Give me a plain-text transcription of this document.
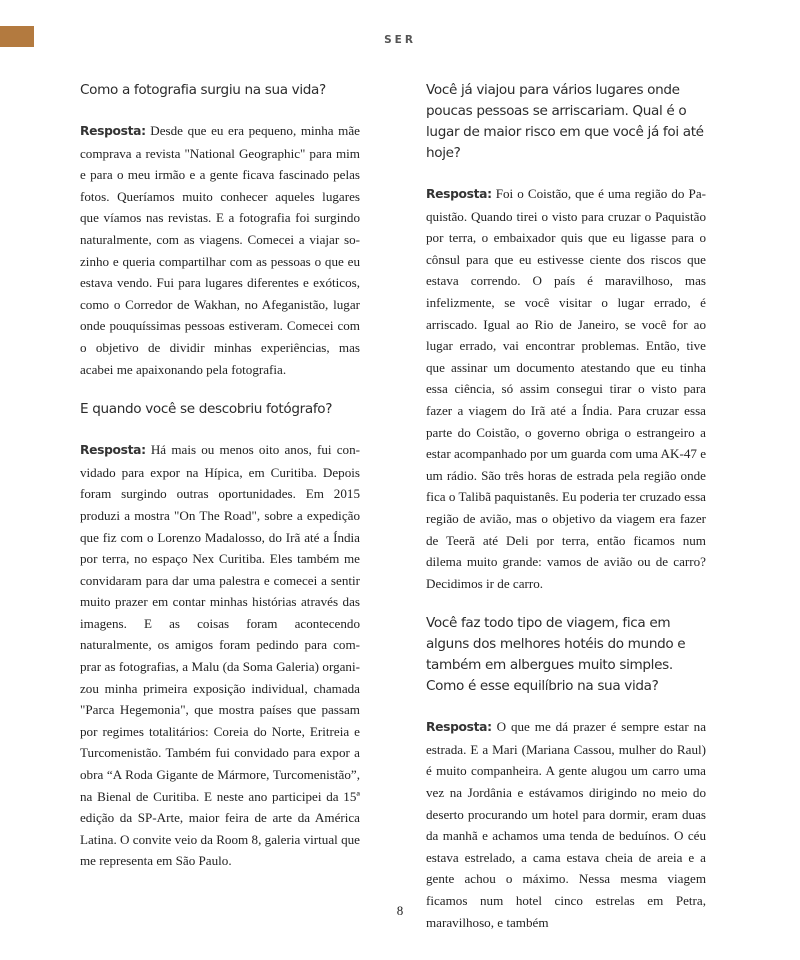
SER

Como a fotografia surgiu na sua vida?

Resposta: Desde que eu era pequeno, minha mãe comprava a revista "National Geographic" para mim e para o meu irmão e a gente ficava fascinado pelas fotos. Queríamos muito conhecer aqueles lugares que víamos nas revistas. E a fotografia foi surgindo naturalmente, com as viagens. Comecei a viajar sozinho e queria compartilhar com as pessoas o que eu estava vendo. Fui para lugares diferentes e exóticos, como o Corredor de Wakhan, no Afeganistão, lugar onde pouquíssimas pessoas estiveram. Comecei com o objetivo de dividir minhas experiências, mas acabei me apaixonando pela fotografia.

E quando você se descobriu fotógrafo?

Resposta: Há mais ou menos oito anos, fui convidado para expor na Hípica, em Curitiba. Depois foram surgindo outras oportunidades. Em 2015 produzi a mostra "On The Road", sobre a expedição que fiz com o Lorenzo Madalosso, do Irã até a Índia por terra, no espaço Nex Curitiba. Eles também me convidaram para dar uma palestra e comecei a sentir muito prazer em contar minhas histórias através das imagens. E as coisas foram acontecendo naturalmente, os amigos foram pedindo para comprar as fotografias, a Malu (da Soma Galeria) organizou minha primeira exposição individual, chamada "Parca Hegemonia", que mostra países que passam por regimes totalitários: Coreia do Norte, Eritreia e Turcomenistão. Também fui convidado para expor a obra “A Roda Gigante de Mármore, Turcomenistão”, na Bienal de Curitiba. E neste ano participei da 15ª edição da SP-Arte, maior feira de arte da América Latina. O convite veio da Room 8, galeria virtual que me representa em São Paulo.

Você já viajou para vários lugares onde poucas pessoas se arriscariam. Qual é o lugar de maior risco em que você já foi até hoje?

Resposta: Foi o Coistão, que é uma região do Paquistão. Quando tirei o visto para cruzar o Paquistão por terra, o embaixador quis que eu ligasse para o cônsul para que eu estivesse ciente dos riscos que estava correndo. O país é maravilhoso, mas infelizmente, se você visitar o lugar errado, é arriscado. Igual ao Rio de Janeiro, se você for ao lugar errado, vai encontrar problemas. Então, tive que assinar um documento atestando que eu tinha essa ciência, só assim consegui tirar o visto para fazer a viagem do Irã até a Índia. Para cruzar essa parte do Coistão, o governo obriga o estrangeiro a estar acompanhado por um guarda com uma AK-47 e um rádio. São três horas de estrada pela região onde fica o Talibã paquistanês. Eu poderia ter cruzado essa região de avião, mas o objetivo da viagem era fazer de Teerã até Deli por terra, então ficamos num dilema muito grande: vamos de avião ou de carro? Decidimos ir de carro.

Você faz todo tipo de viagem, fica em alguns dos melhores hotéis do mundo e também em albergues muito simples. Como é esse equilíbrio na sua vida?

Resposta: O que me dá prazer é sempre estar na estrada. E a Mari (Mariana Cassou, mulher do Raul) é muito companheira. A gente alugou um carro uma vez na Jordânia e estávamos dirigindo no meio do deserto procurando um hotel para dormir, eram duas da manhã e achamos uma tenda de beduínos. O céu estava estrelado, a cama estava cheia de areia e a gente achou o máximo. Nessa mesma viagem ficamos num hotel cinco estrelas em Petra, maravilhoso, e também

8
